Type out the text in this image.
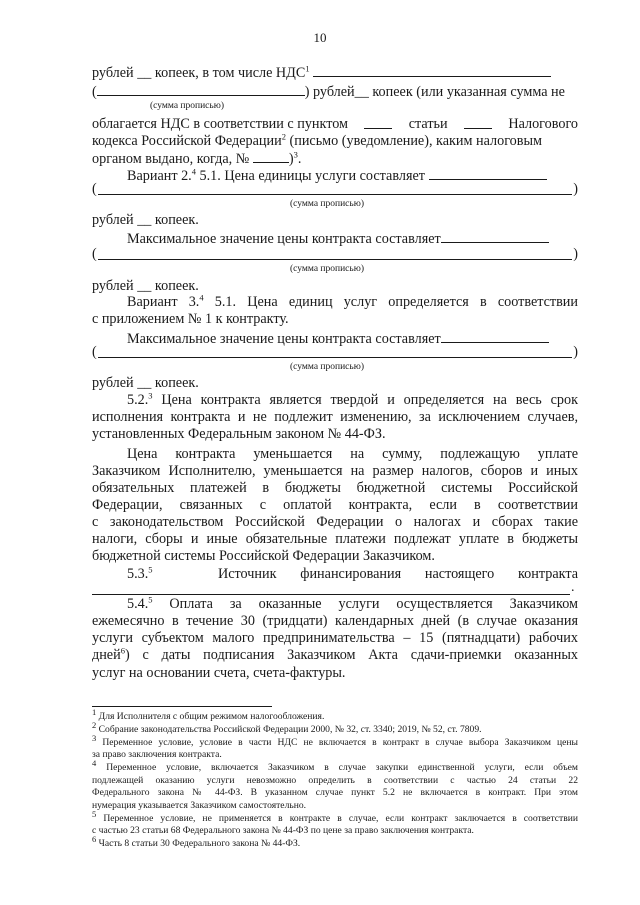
10
рублей __ копеек, в том числе НДС$^1$
(	) рублей__ копеек (или указанная сумма не
(сумма прописью)
облагается НДС в соответствии с пунктом	статьи	Налогового
кодекса Российской Федерации$^2$ (письмо (уведомление), каким налоговым
органом выдано, когда, №	)$^3$.
Вариант 2.$^4$ 5.1. Цена единицы услуги составляет
(	)
(сумма прописью)
рублей __ копеек.
Максимальное значение цены контракта составляет
(	)
(сумма прописью)
рублей __ копеек.
Вариант 3.$^4$ 5.1. Цена единиц услуг определяется в соответствии
с приложением № 1 к контракту.
Максимальное значение цены контракта составляет
(	)
(сумма прописью)
рублей __ копеек.
5.2.$^3$ Цена контракта является твердой и определяется на весь срок
исполнения контракта и не подлежит изменению, за исключением случаев,
установленных Федеральным законом № 44-ФЗ.
Цена контракта уменьшается на сумму, подлежащую уплате
Заказчиком Исполнителю, уменьшается на размер налогов, сборов и иных
обязательных платежей в бюджеты бюджетной системы Российской
Федерации, связанных с оплатой контракта, если в соответствии
с законодательством Российской Федерации о налогах и сборах такие
налоги, сборы и иные обязательные платежи подлежат уплате в бюджеты
бюджетной системы Российской Федерации Заказчиком.
5.3.$^5$	Источник финансирования настоящего контракта
.
5.4.$^5$ Оплата за оказанные услуги осуществляется Заказчиком
ежемесячно в течение 30 (тридцати) календарных дней (в случае оказания
услуги субъектом малого предпринимательства – 15 (пятнадцати) рабочих
дней$^6$) с даты подписания Заказчиком Акта сдачи-приемки оказанных
услуг на основании счета, счета-фактуры.
$^1$ Для Исполнителя с общим режимом налогообложения.
$^2$ Собрание законодательства Российской Федерации 2000, № 32, ст. 3340; 2019, № 52, ст. 7809.
$^3$ Переменное условие, условие в части НДС не включается в контракт в случае выбора Заказчиком цены
за право заключения контракта.
$^4$ Переменное условие, включается Заказчиком в случае закупки единственной услуги, если объем
подлежащей оказанию услуги невозможно определить в соответствии с частью 24 статьи 22
Федерального закона № 44-ФЗ. В указанном случае пункт 5.2 не включается в контракт. При этом
нумерация указывается Заказчиком самостоятельно.
$^5$ Переменное условие, не применяется в контракте в случае, если контракт заключается в соответствии
с частью 23 статьи 68 Федерального закона № 44-ФЗ по цене за право заключения контракта.
$^6$ Часть 8 статьи 30 Федерального закона № 44-ФЗ.
